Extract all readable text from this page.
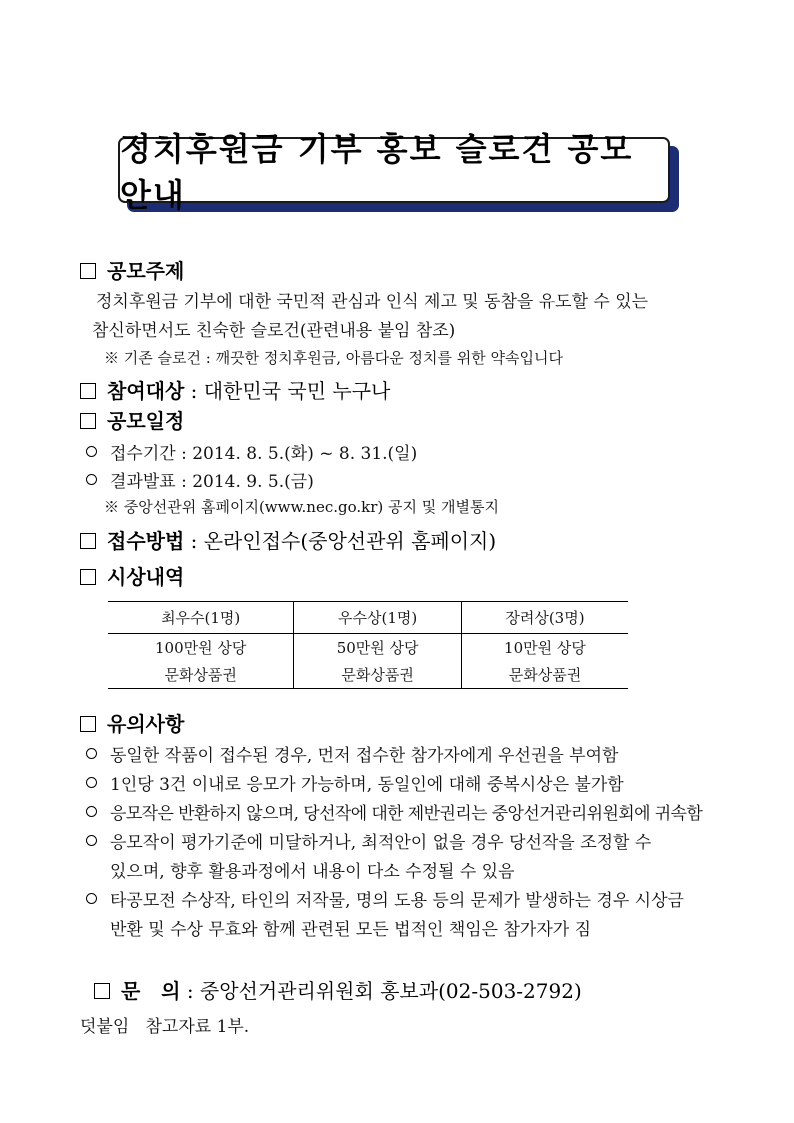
정치후원금 기부 홍보 슬로건 공모 안내
공모주제
정치후원금 기부에 대한 국민적 관심과 인식 제고 및 동참을 유도할 수 있는
참신하면서도 친숙한 슬로건(관련내용 붙임 참조)
※ 기존 슬로건 : 깨끗한 정치후원금, 아름다운 정치를 위한 약속입니다
참여대상 : 대한민국 국민 누구나
공모일정
접수기간 : 2014. 8. 5.(화) ~ 8. 31.(일)
결과발표 : 2014. 9. 5.(금)
※ 중앙선관위 홈페이지(www.nec.go.kr) 공지 및 개별통지
접수방법 : 온라인접수(중앙선관위 홈페이지)
시상내역
최우수(1명)	우수상(1명)	장려상(3명)
100만원 상당	50만원 상당	10만원 상당
문화상품권	문화상품권	문화상품권
유의사항
동일한 작품이 접수된 경우, 먼저 접수한 참가자에게 우선권을 부여함
1인당 3건 이내로 응모가 가능하며, 동일인에 대해 중복시상은 불가함
응모작은 반환하지 않으며, 당선작에 대한 제반권리는 중앙선거관리위원회에 귀속함
응모작이 평가기준에 미달하거나, 최적안이 없을 경우 당선작을 조정할 수
있으며, 향후 활용과정에서 내용이 다소 수정될 수 있음
타공모전 수상작, 타인의 저작물, 명의 도용 등의 문제가 발생하는 경우 시상금
반환 및 수상 무효와 함께 관련된 모든 법적인 책임은 참가자가 짐

문   의 : 중앙선거관리위원회 홍보과(02-503-2792)

덧붙임   참고자료 1부.
